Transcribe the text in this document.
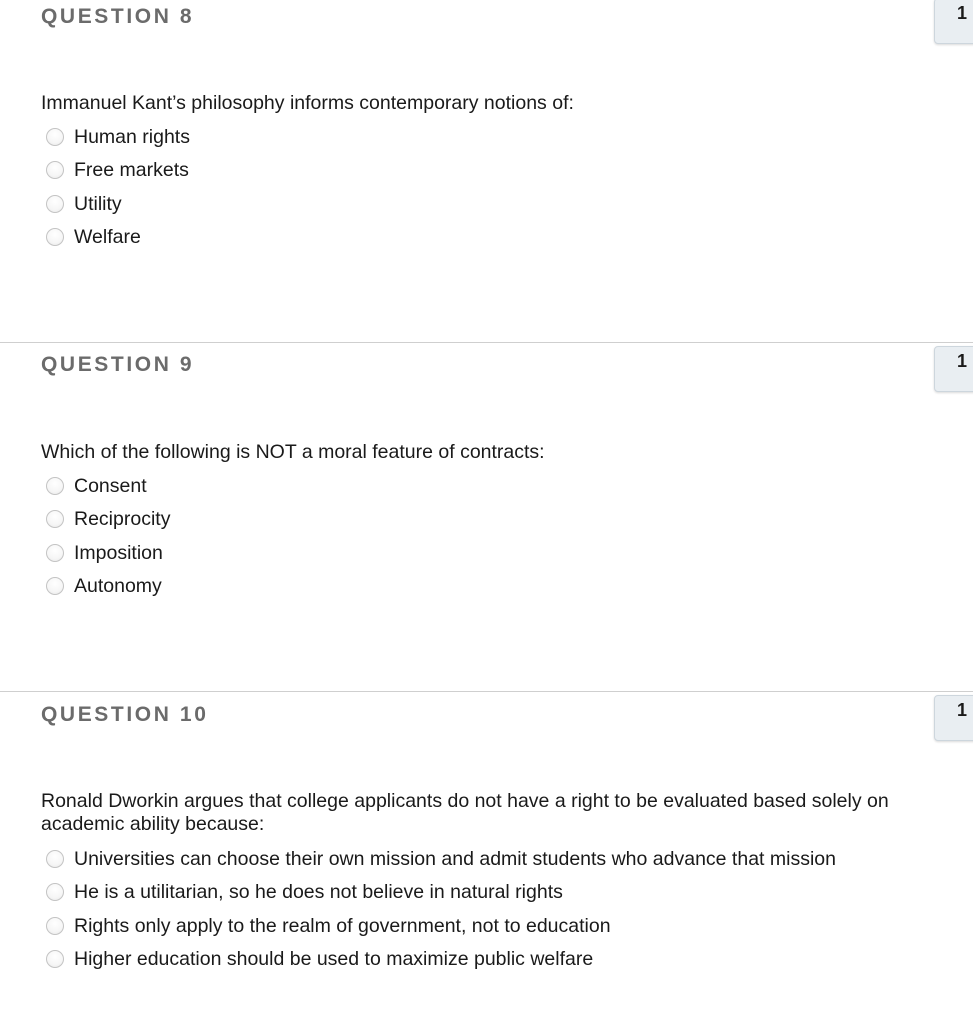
QUESTION 8	1
Immanuel Kant’s philosophy informs contemporary notions of:
Human rights
Free markets
Utility
Welfare
QUESTION 9	1
Which of the following is NOT a moral feature of contracts:
Consent
Reciprocity
Imposition
Autonomy
QUESTION 10	1
Ronald Dworkin argues that college applicants do not have a right to be evaluated based solely on academic ability because:
Universities can choose their own mission and admit students who advance that mission
He is a utilitarian, so he does not believe in natural rights
Rights only apply to the realm of government, not to education
Higher education should be used to maximize public welfare
